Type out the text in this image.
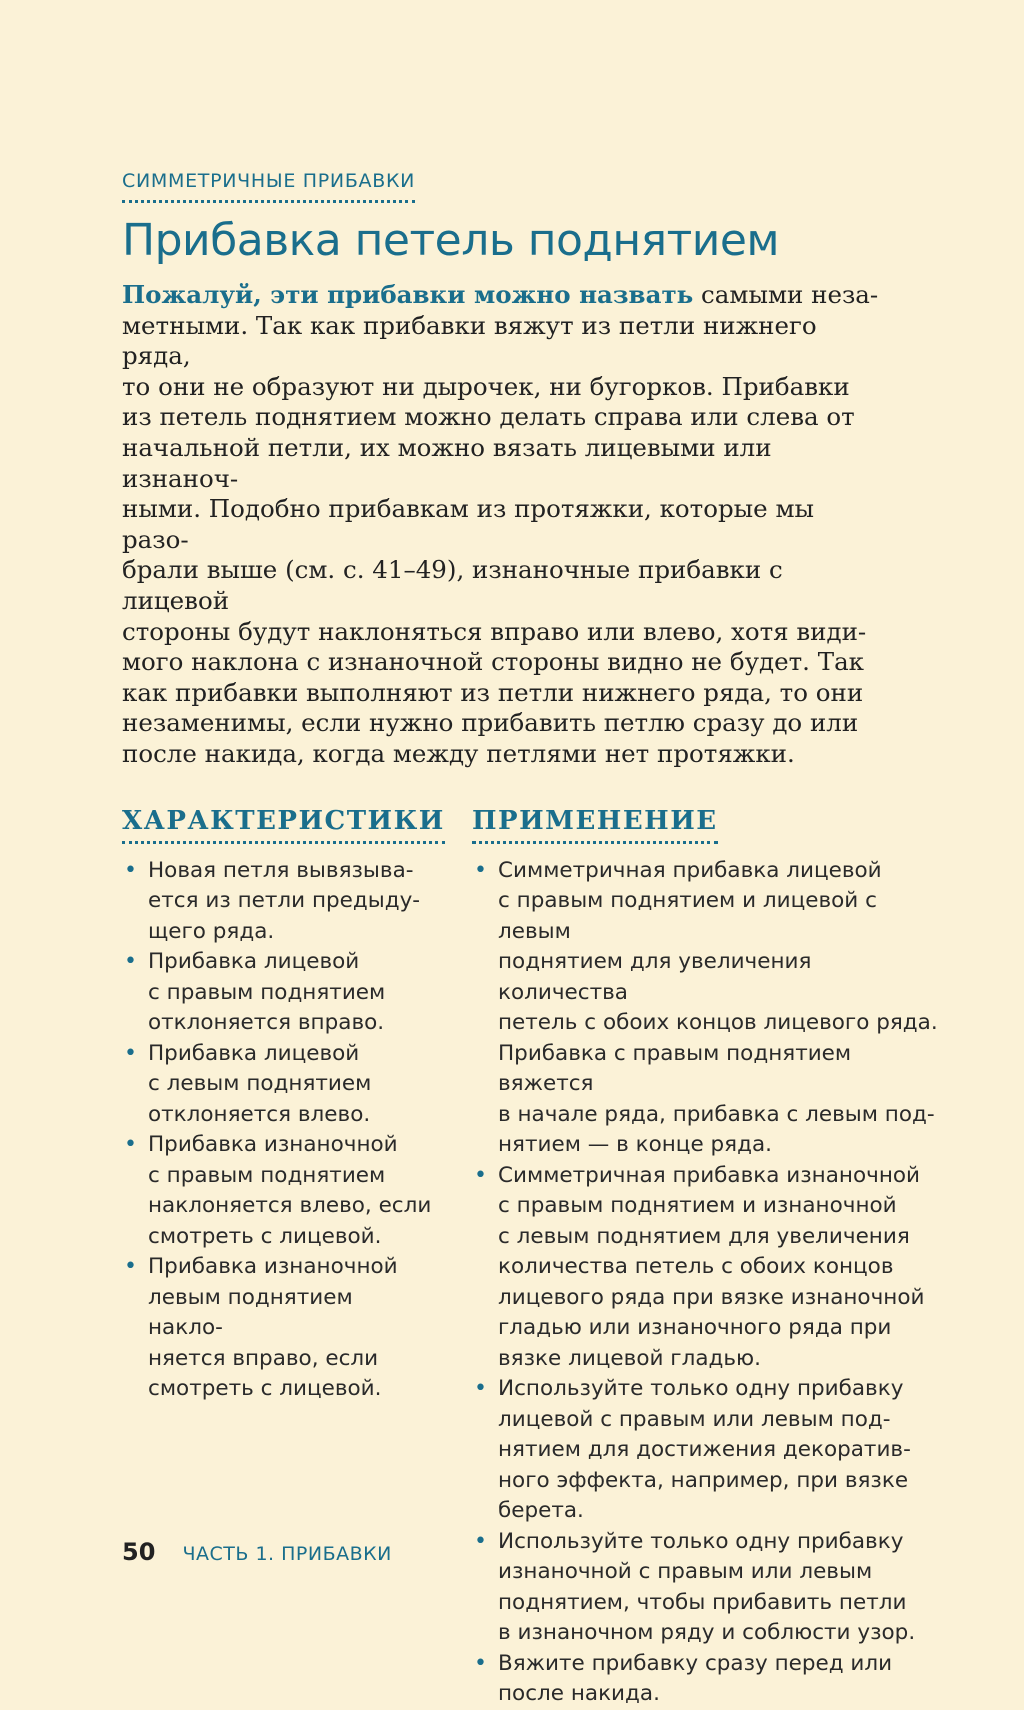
СИММЕТРИЧНЫЕ ПРИБАВКИ
Прибавка петель поднятием

Пожалуй, эти прибавки можно назвать самыми неза-
метными. Так как прибавки вяжут из петли нижнего ряда,
то они не образуют ни дырочек, ни бугорков. Прибавки
из петель поднятием можно делать справа или слева от
начальной петли, их можно вязать лицевыми или изнаноч-
ными. Подобно прибавкам из протяжки, которые мы разо-
брали выше (см. с. 41–49), изнаночные прибавки с лицевой
стороны будут наклоняться вправо или влево, хотя види-
мого наклона с изнаночной стороны видно не будет. Так
как прибавки выполняют из петли нижнего ряда, то они
незаменимы, если нужно прибавить петлю сразу до или
после накида, когда между петлями нет протяжки.

ХАРАКТЕРИСТИКИ
• Новая петля вывязыва-
ется из петли предыду-
щего ряда.
• Прибавка лицевой
с правым поднятием
отклоняется вправо.
• Прибавка лицевой
с левым поднятием
отклоняется влево.
• Прибавка изнаночной
с правым поднятием
наклоняется влево, если
смотреть с лицевой.
• Прибавка изнаночной
левым поднятием накло-
няется вправо, если
смотреть с лицевой.
ПРИМЕНЕНИЕ
• Симметричная прибавка лицевой
с правым поднятием и лицевой с левым
поднятием для увеличения количества
петель с обоих концов лицевого ряда.
Прибавка с правым поднятием вяжется
в начале ряда, прибавка с левым под-
нятием — в конце ряда.
• Симметричная прибавка изнаночной
с правым поднятием и изнаночной
с левым поднятием для увеличения
количества петель с обоих концов
лицевого ряда при вязке изнаночной
гладью или изнаночного ряда при
вязке лицевой гладью.
• Используйте только одну прибавку
лицевой с правым или левым под-
нятием для достижения декоратив-
ного эффекта, например, при вязке
берета.
• Используйте только одну прибавку
изнаночной с правым или левым
поднятием, чтобы прибавить петли
в изнаночном ряду и соблюсти узор.
• Вяжите прибавку сразу перед или
после накида.
50 ЧАСТЬ 1. ПРИБАВКИ
